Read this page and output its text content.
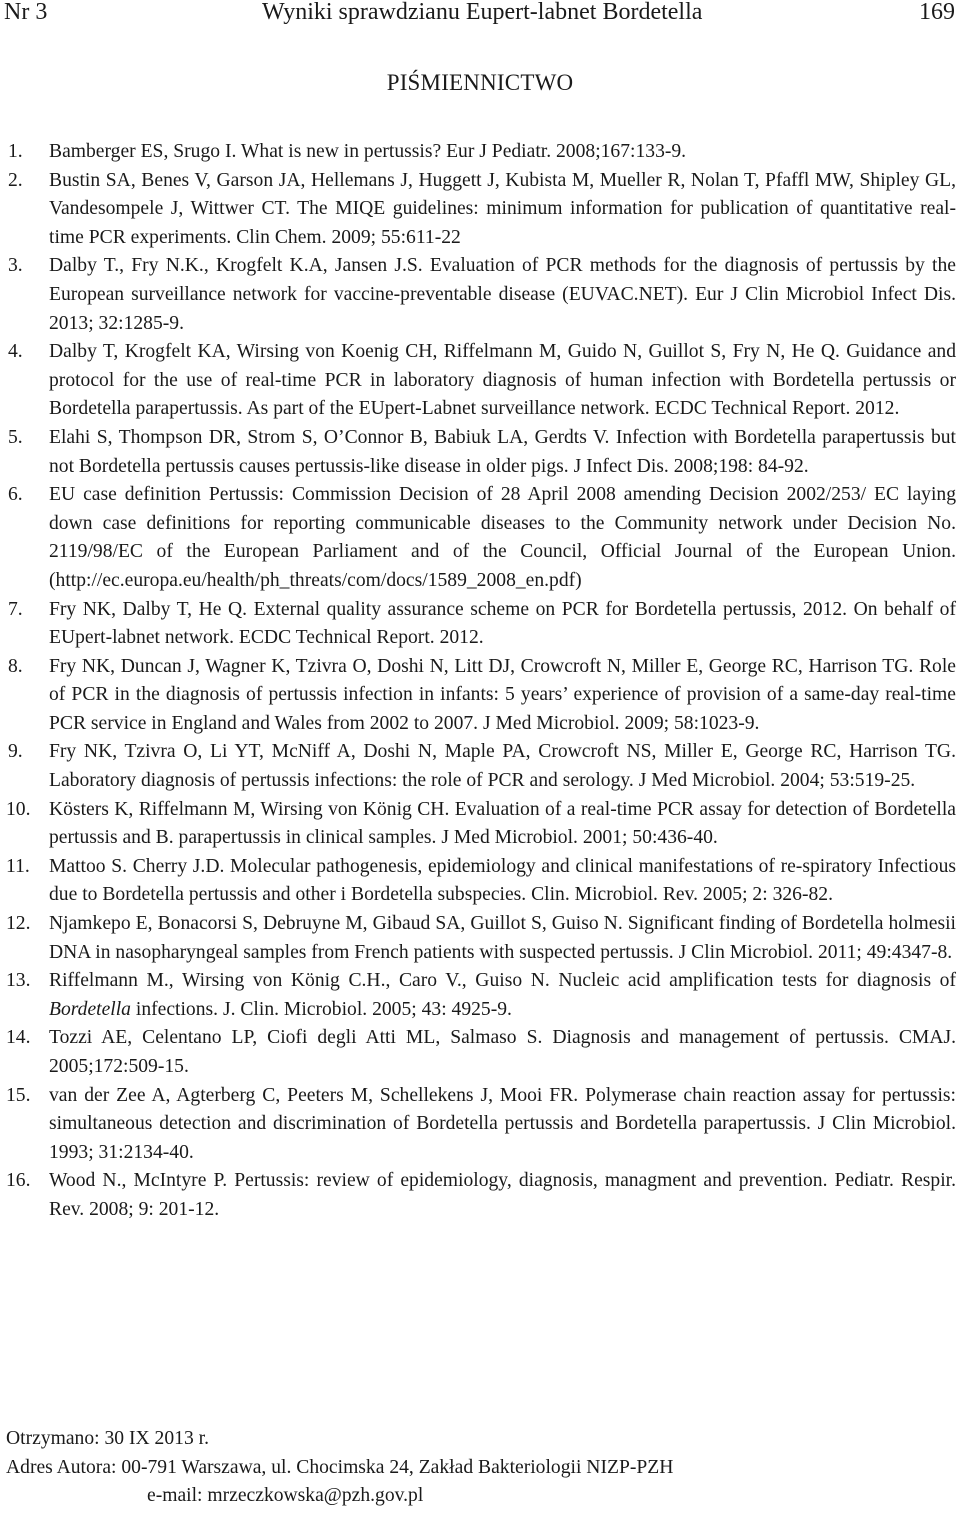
Nr 3	Wyniki sprawdzianu Eupert-labnet Bordetella	169
PIŚMIENNICTWO
1.	Bamberger ES, Srugo I. What is new in pertussis? Eur J Pediatr. 2008;167:133-9.
2.	Bustin SA, Benes V, Garson JA, Hellemans J, Huggett J, Kubista M, Mueller R, Nolan T, Pfaffl MW, Shipley GL, Vandesompele J, Wittwer CT. The MIQE guidelines: minimum information for publication of quantitative real-time PCR experiments. Clin Chem. 2009; 55:611-22
3.	Dalby T., Fry N.K., Krogfelt K.A, Jansen J.S. Evaluation of PCR methods for the diagnosis of pertussis by the European surveillance network for vaccine-preventable disease (EUVAC.NET). Eur J Clin Microbiol Infect Dis. 2013; 32:1285-9.
4.	Dalby T, Krogfelt KA, Wirsing von Koenig CH, Riffelmann M, Guido N, Guillot S, Fry N, He Q. Guidance and protocol for the use of real-time PCR in laboratory diagnosis of human infection with Bordetella pertussis or Bordetella parapertussis. As part of the EUpert-Labnet surveillance network. ECDC Technical Report. 2012.
5.	Elahi S, Thompson DR, Strom S, O’Connor B, Babiuk LA, Gerdts V. Infection with Bordetella parapertussis but not Bordetella pertussis causes pertussis-like disease in older pigs. J Infect Dis. 2008;198: 84-92.
6.	EU case definition Pertussis: Commission Decision of 28 April 2008 amending Decision 2002/253/ EC laying down case definitions for reporting communicable diseases to the Community network under Decision No. 2119/98/EC of the European Parliament and of the Council, Official Journal of the European Union. (http://ec.europa.eu/health/ph_threats/com/docs/1589_2008_en.pdf)
7.	Fry NK, Dalby T, He Q. External quality assurance scheme on PCR for Bordetella pertussis, 2012. On behalf of EUpert-labnet network. ECDC Technical Report. 2012.
8.	Fry NK, Duncan J, Wagner K, Tzivra O, Doshi N, Litt DJ, Crowcroft N, Miller E, George RC, Harrison TG. Role of PCR in the diagnosis of pertussis infection in infants: 5 years’ experience of provision of a same-day real-time PCR service in England and Wales from 2002 to 2007. J Med Microbiol. 2009; 58:1023-9.
9.	Fry NK, Tzivra O, Li YT, McNiff A, Doshi N, Maple PA, Crowcroft NS, Miller E, George RC, Harrison TG. Laboratory diagnosis of pertussis infections: the role of PCR and serology. J Med Microbiol. 2004; 53:519-25.
10. Kösters K, Riffelmann M, Wirsing von König CH. Evaluation of a real-time PCR assay for detection of Bordetella pertussis and B. parapertussis in clinical samples. J Med Microbiol. 2001; 50:436-40.
11. Mattoo S. Cherry J.D. Molecular pathogenesis, epidemiology and clinical manifestations of re-spiratory Infectious due to Bordetella pertussis and other i Bordetella subspecies. Clin. Microbiol. Rev. 2005; 2: 326-82.
12. Njamkepo E, Bonacorsi S, Debruyne M, Gibaud SA, Guillot S, Guiso N. Significant finding of Bordetella holmesii DNA in nasopharyngeal samples from French patients with suspected pertussis. J Clin Microbiol. 2011; 49:4347-8.
13. Riffelmann M., Wirsing von König C.H., Caro V., Guiso N. Nucleic acid amplification tests for diagnosis of Bordetella infections. J. Clin. Microbiol. 2005; 43: 4925-9.
14. Tozzi AE, Celentano LP, Ciofi degli Atti ML, Salmaso S. Diagnosis and management of pertussis. CMAJ. 2005;172:509-15.
15. van der Zee A, Agterberg C, Peeters M, Schellekens J, Mooi FR. Polymerase chain reaction assay for pertussis: simultaneous detection and discrimination of Bordetella pertussis and Bordetella parapertussis. J Clin Microbiol. 1993; 31:2134-40.
16. Wood N., McIntyre P. Pertussis: review of epidemiology, diagnosis, managment and prevention. Pediatr. Respir. Rev. 2008; 9: 201-12.
Otrzymano: 30 IX 2013 r.
Adres Autora: 00-791 Warszawa, ul. Chocimska 24, Zakład Bakteriologii NIZP-PZH
e-mail: mrzeczkowska@pzh.gov.pl
